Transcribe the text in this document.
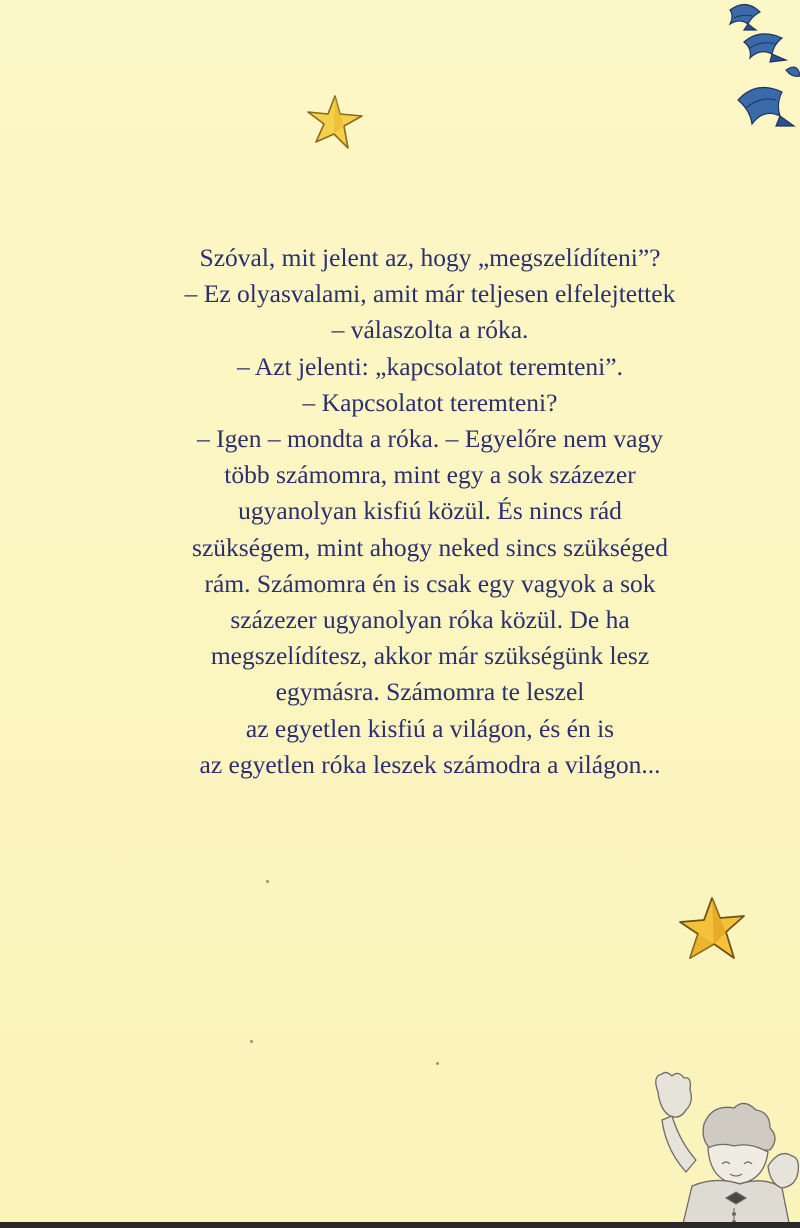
Szóval, mit jelent az, hogy „megszelídíteni”?
– Ez olyasvalami, amit már teljesen elfelejtettek
– válaszolta a róka.
– Azt jelenti: „kapcsolatot teremteni”.
– Kapcsolatot teremteni?
– Igen – mondta a róka. – Egyelőre nem vagy
több számomra, mint egy a sok százezer
ugyanolyan kisfiú közül. És nincs rád
szükségem, mint ahogy neked sincs szükséged
rám. Számomra én is csak egy vagyok a sok
százezer ugyanolyan róka közül. De ha
megszelídítesz, akkor már szükségünk lesz
egymásra. Számomra te leszel
az egyetlen kisfiú a világon, és én is
az egyetlen róka leszek számodra a világon...
